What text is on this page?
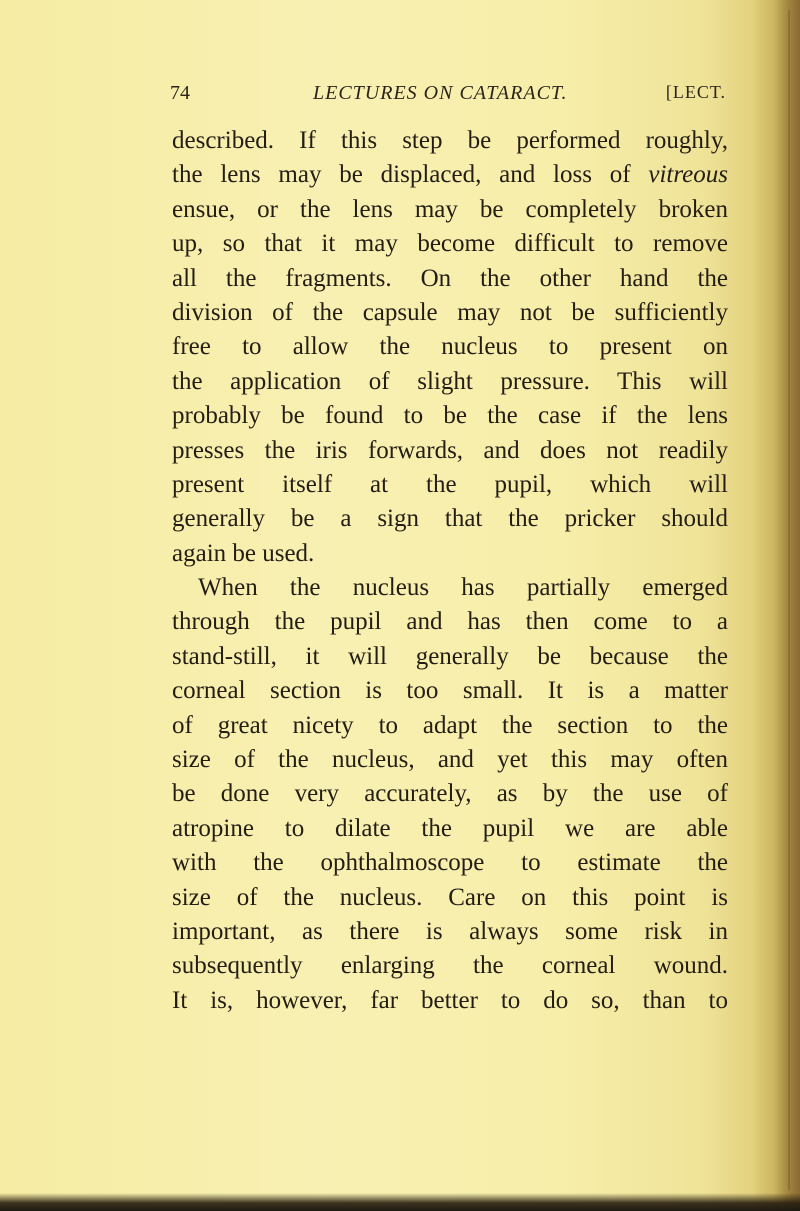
74	LECTURES ON CATARACT.	[LECT.
described. If this step be performed roughly,
the lens may be displaced, and loss of vitreous
ensue, or the lens may be completely broken
up, so that it may become difficult to remove
all the fragments. On the other hand the
division of the capsule may not be sufficiently
free to allow the nucleus to present on
the application of slight pressure. This will
probably be found to be the case if the lens
presses the iris forwards, and does not readily
present itself at the pupil, which will
generally be a sign that the pricker should
again be used.
When the nucleus has partially emerged
through the pupil and has then come to a
stand-still, it will generally be because the
corneal section is too small. It is a matter
of great nicety to adapt the section to the
size of the nucleus, and yet this may often
be done very accurately, as by the use of
atropine to dilate the pupil we are able
with the ophthalmoscope to estimate the
size of the nucleus. Care on this point is
important, as there is always some risk in
subsequently enlarging the corneal wound.
It is, however, far better to do so, than to
